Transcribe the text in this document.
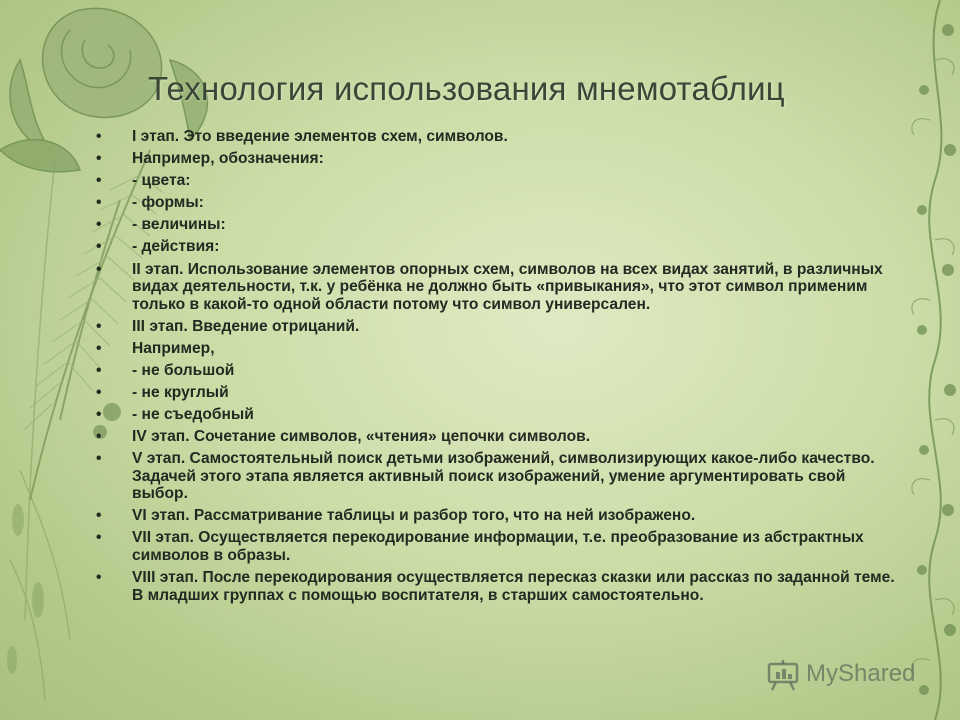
Технология использования мнемотаблиц
• I этап. Это введение элементов схем, символов.
• Например, обозначения:
• - цвета:
• - формы:
• - величины:
• - действия:
• II этап. Использование элементов опорных схем, символов на всех видах занятий, в различных видах деятельности, т.к. у ребёнка не должно быть «привыкания», что этот символ применим только в какой-то одной области потому что символ универсален.
• III этап. Введение отрицаний.
• Например,
• - не большой
• - не круглый
• - не съедобный
• IV этап. Сочетание символов, «чтения» цепочки символов.
• V этап. Самостоятельный поиск детьми изображений, символизирующих какое-либо качество. Задачей этого этапа является активный поиск изображений, умение аргументировать свой выбор.
• VI этап. Рассматривание таблицы и разбор того, что на ней изображено.
• VII этап. Осуществляется перекодирование информации, т.е. преобразование из абстрактных символов в образы.
• VIII этап. После перекодирования осуществляется пересказ сказки или рассказ по заданной теме. В младших группах с помощью воспитателя, в старших самостоятельно.
MyShared
